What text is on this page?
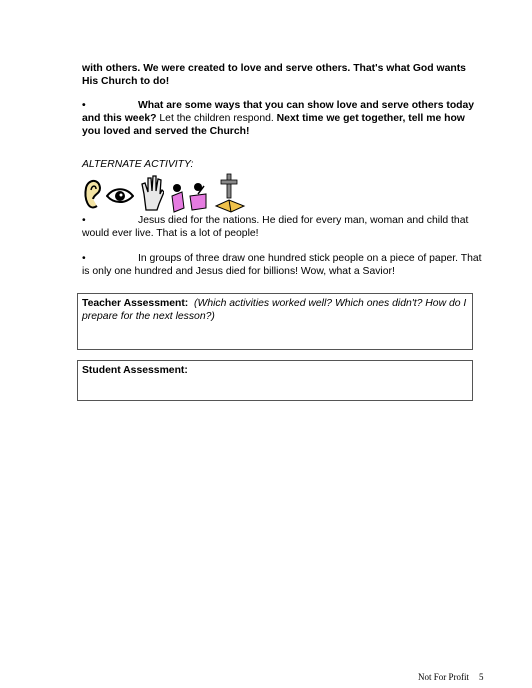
with others. We were created to love and serve others. That's what God wants His Church to do!
•	What are some ways that you can show love and serve others today and this week? Let the children respond. Next time we get together, tell me how you loved and served the Church!
ALTERNATE ACTIVITY:
•	Jesus died for the nations. He died for every man, woman and child that would ever live. That is a lot of people!
•	In groups of three draw one hundred stick people on a piece of paper. That is only one hundred and Jesus died for billions! Wow, what a Savior!
Teacher Assessment: (Which activities worked well? Which ones didn't? How do I prepare for the next lesson?)
Student Assessment:
Not For Profit 5
